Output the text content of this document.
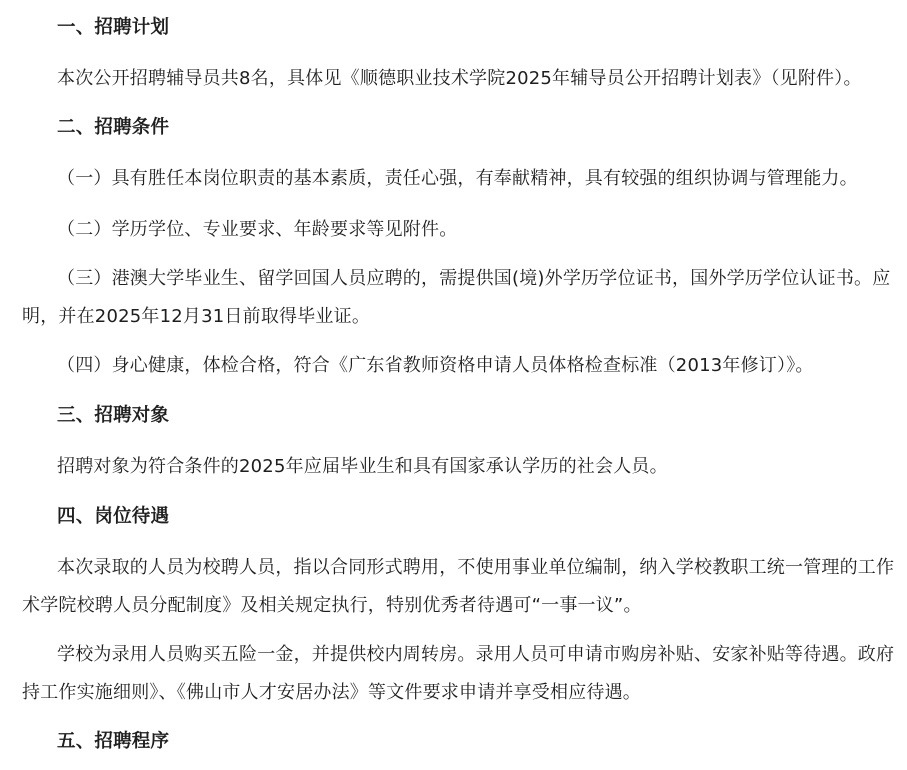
一、招聘计划
本次公开招聘辅导员共8名，具体见《顺德职业技术学院2025年辅导员公开招聘计划表》（见附件）。
二、招聘条件
（一）具有胜任本岗位职责的基本素质，责任心强，有奉献精神，具有较强的组织协调与管理能力。
（二）学历学位、专业要求、年龄要求等见附件。
（三）港澳大学毕业生、留学回国人员应聘的，需提供国(境)外学历学位证书，国外学历学位认证书。应
明，并在2025年12月31日前取得毕业证。
（四）身心健康，体检合格，符合《广东省教师资格申请人员体格检查标准（2013年修订）》。
三、招聘对象
招聘对象为符合条件的2025年应届毕业生和具有国家承认学历的社会人员。
四、岗位待遇
本次录取的人员为校聘人员，指以合同形式聘用，不使用事业单位编制，纳入学校教职工统一管理的工作
术学院校聘人员分配制度》及相关规定执行，特别优秀者待遇可“一事一议”。
学校为录用人员购买五险一金，并提供校内周转房。录用人员可申请市购房补贴、安家补贴等待遇。政府
持工作实施细则》、《佛山市人才安居办法》等文件要求申请并享受相应待遇。
五、招聘程序
